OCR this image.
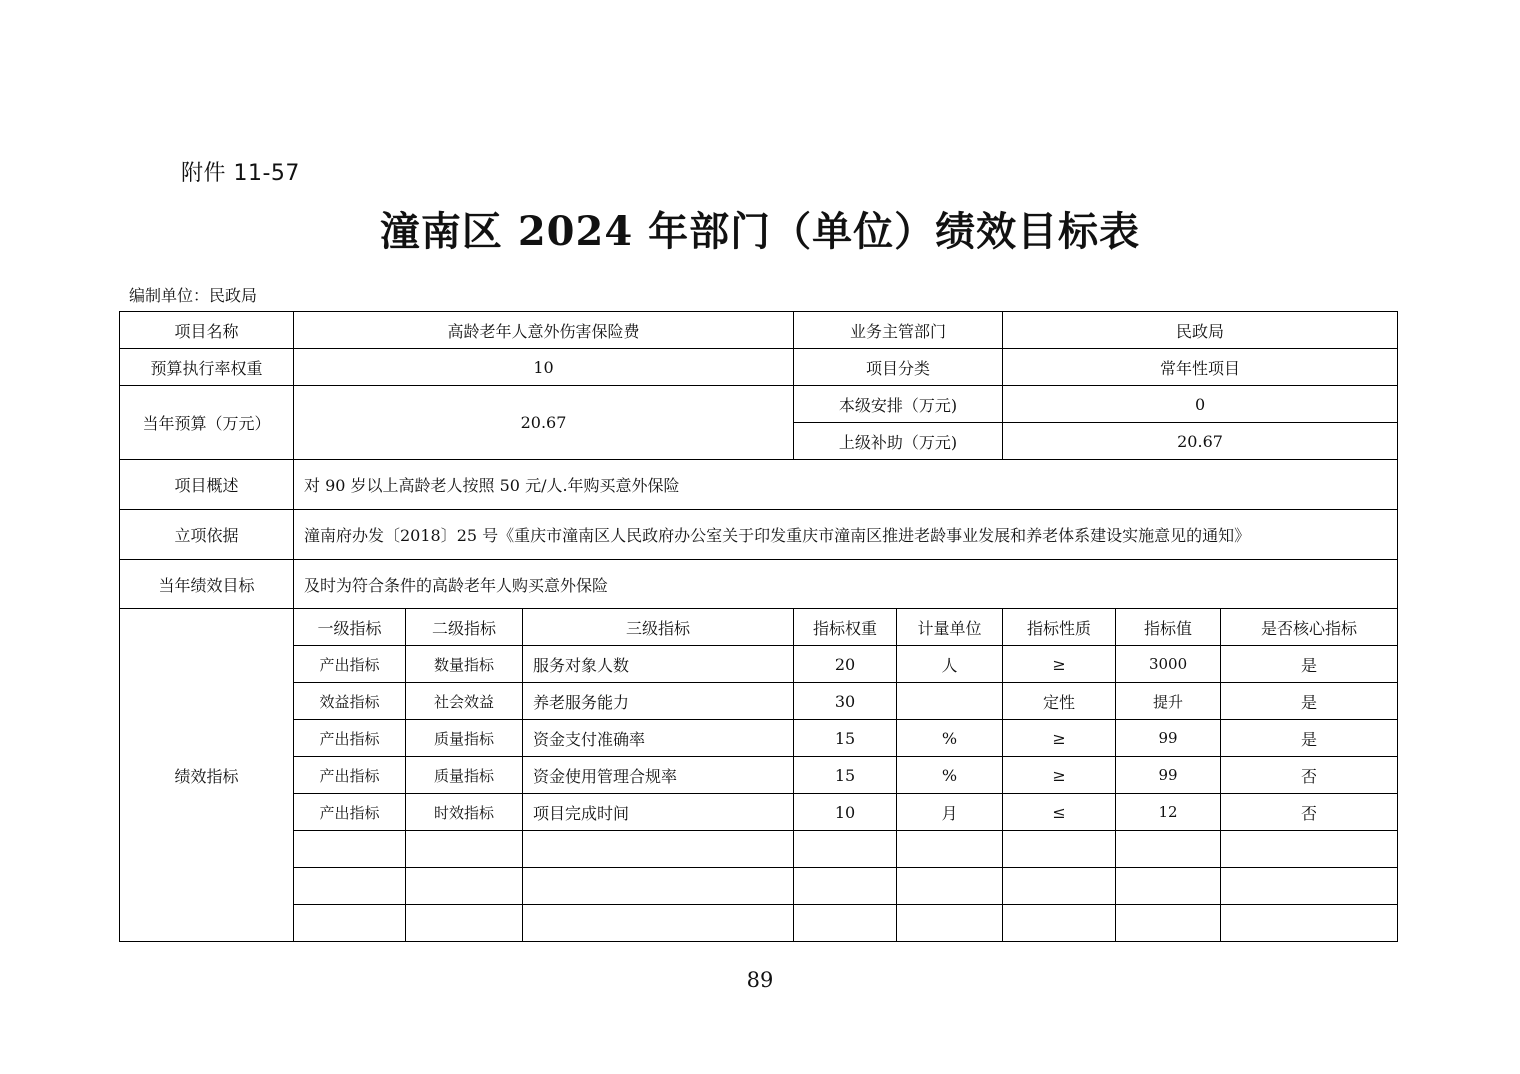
附件 11-57
潼南区 2024 年部门（单位）绩效目标表
编制单位：民政局
项目名称	高龄老年人意外伤害保险费			业务主管部门		民政局		
预算执行率权重	10			项目分类		常年性项目		
当年预算（万元）	20.67			本级安排（万元)		0		
				上级补助（万元)		20.67		
项目概述	对 90 岁以上高龄老人按照 50 元/人.年购买意外保险							
立项依据	潼南府办发〔2018〕25 号《重庆市潼南区人民政府办公室关于印发重庆市潼南区推进老龄事业发展和养老体系建设实施意见的通知》							
当年绩效目标	及时为符合条件的高龄老年人购买意外保险							
绩效指标	一级指标	二级指标	三级指标	指标权重	计量单位	指标性质	指标值	是否核心指标
	产出指标	数量指标	服务对象人数	20	人	≥	3000	是
	效益指标	社会效益	养老服务能力	30		定性	提升	是
	产出指标	质量指标	资金支付准确率	15	%	≥	99	是
	产出指标	质量指标	资金使用管理合规率	15	%	≥	99	否
	产出指标	时效指标	项目完成时间	10	月	≤	12	否

89
